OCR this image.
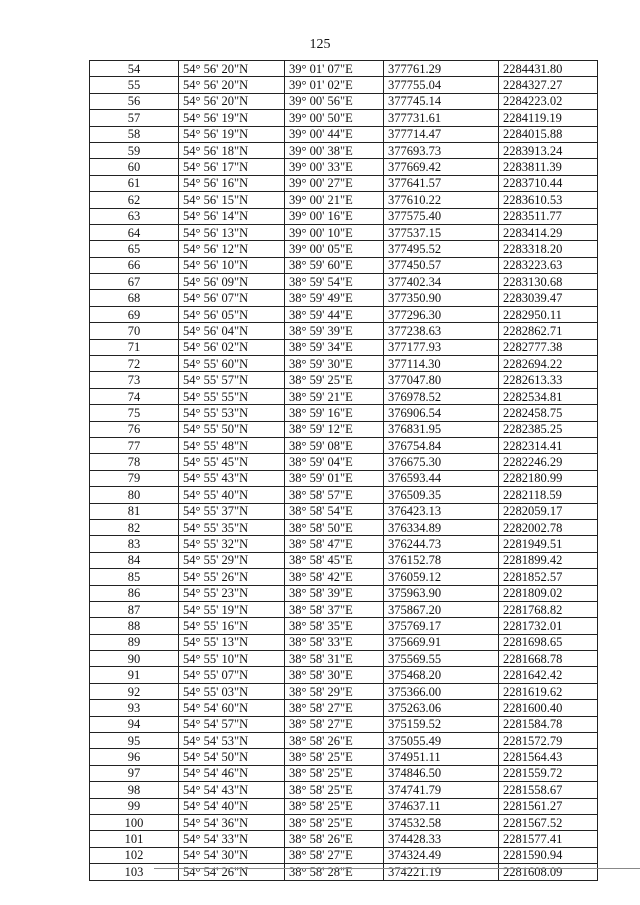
125
54	54° 56' 20"N	39° 01' 07"E	377761.29	2284431.80
55	54° 56' 20"N	39° 01' 02"E	377755.04	2284327.27
56	54° 56' 20"N	39° 00' 56"E	377745.14	2284223.02
57	54° 56' 19"N	39° 00' 50"E	377731.61	2284119.19
58	54° 56' 19"N	39° 00' 44"E	377714.47	2284015.88
59	54° 56' 18"N	39° 00' 38"E	377693.73	2283913.24
60	54° 56' 17"N	39° 00' 33"E	377669.42	2283811.39
61	54° 56' 16"N	39° 00' 27"E	377641.57	2283710.44
62	54° 56' 15"N	39° 00' 21"E	377610.22	2283610.53
63	54° 56' 14"N	39° 00' 16"E	377575.40	2283511.77
64	54° 56' 13"N	39° 00' 10"E	377537.15	2283414.29
65	54° 56' 12"N	39° 00' 05"E	377495.52	2283318.20
66	54° 56' 10"N	38° 59' 60"E	377450.57	2283223.63
67	54° 56' 09"N	38° 59' 54"E	377402.34	2283130.68
68	54° 56' 07"N	38° 59' 49"E	377350.90	2283039.47
69	54° 56' 05"N	38° 59' 44"E	377296.30	2282950.11
70	54° 56' 04"N	38° 59' 39"E	377238.63	2282862.71
71	54° 56' 02"N	38° 59' 34"E	377177.93	2282777.38
72	54° 55' 60"N	38° 59' 30"E	377114.30	2282694.22
73	54° 55' 57"N	38° 59' 25"E	377047.80	2282613.33
74	54° 55' 55"N	38° 59' 21"E	376978.52	2282534.81
75	54° 55' 53"N	38° 59' 16"E	376906.54	2282458.75
76	54° 55' 50"N	38° 59' 12"E	376831.95	2282385.25
77	54° 55' 48"N	38° 59' 08"E	376754.84	2282314.41
78	54° 55' 45"N	38° 59' 04"E	376675.30	2282246.29
79	54° 55' 43"N	38° 59' 01"E	376593.44	2282180.99
80	54° 55' 40"N	38° 58' 57"E	376509.35	2282118.59
81	54° 55' 37"N	38° 58' 54"E	376423.13	2282059.17
82	54° 55' 35"N	38° 58' 50"E	376334.89	2282002.78
83	54° 55' 32"N	38° 58' 47"E	376244.73	2281949.51
84	54° 55' 29"N	38° 58' 45"E	376152.78	2281899.42
85	54° 55' 26"N	38° 58' 42"E	376059.12	2281852.57
86	54° 55' 23"N	38° 58' 39"E	375963.90	2281809.02
87	54° 55' 19"N	38° 58' 37"E	375867.20	2281768.82
88	54° 55' 16"N	38° 58' 35"E	375769.17	2281732.01
89	54° 55' 13"N	38° 58' 33"E	375669.91	2281698.65
90	54° 55' 10"N	38° 58' 31"E	375569.55	2281668.78
91	54° 55' 07"N	38° 58' 30"E	375468.20	2281642.42
92	54° 55' 03"N	38° 58' 29"E	375366.00	2281619.62
93	54° 54' 60"N	38° 58' 27"E	375263.06	2281600.40
94	54° 54' 57"N	38° 58' 27"E	375159.52	2281584.78
95	54° 54' 53"N	38° 58' 26"E	375055.49	2281572.79
96	54° 54' 50"N	38° 58' 25"E	374951.11	2281564.43
97	54° 54' 46"N	38° 58' 25"E	374846.50	2281559.72
98	54° 54' 43"N	38° 58' 25"E	374741.79	2281558.67
99	54° 54' 40"N	38° 58' 25"E	374637.11	2281561.27
100	54° 54' 36"N	38° 58' 25"E	374532.58	2281567.52
101	54° 54' 33"N	38° 58' 26"E	374428.33	2281577.41
102	54° 54' 30"N	38° 58' 27"E	374324.49	2281590.94
103	54° 54' 26"N	38° 58' 28"E	374221.19	2281608.09
